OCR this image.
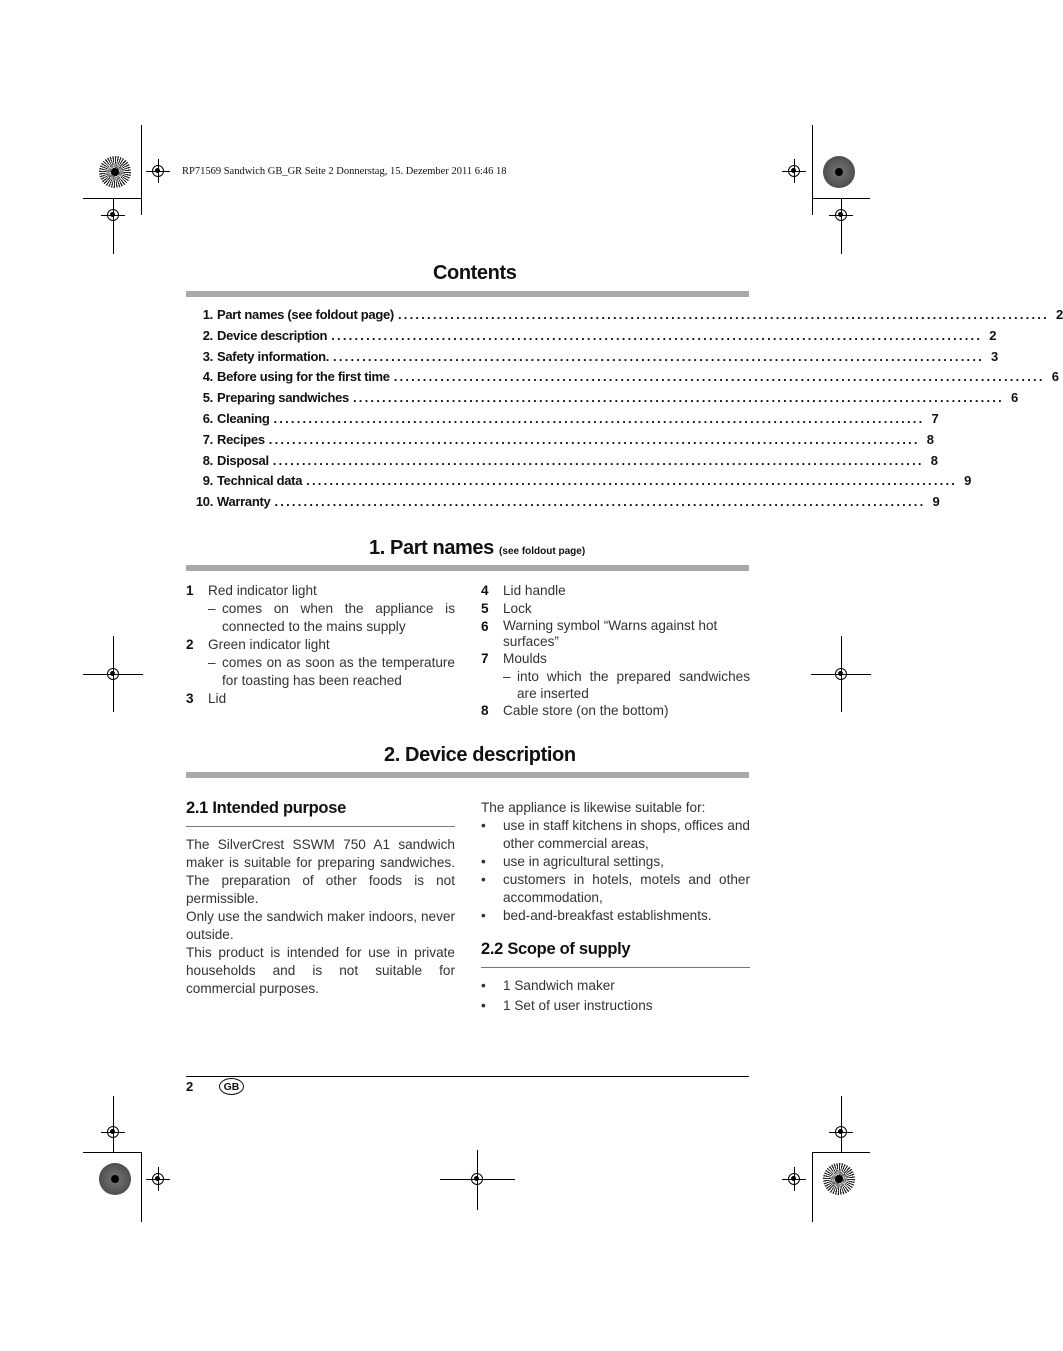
RP71569 Sandwich GB_GR Seite 2 Donnerstag, 15. Dezember 2011 6:46 18
Contents
1. Part names (see foldout page) ................................................................................................................ 2
2. Device description ................................................................................................................ 2
3. Safety information. ................................................................................................................ 3
4. Before using for the first time ................................................................................................................ 6
5. Preparing sandwiches ................................................................................................................ 6
6. Cleaning ................................................................................................................ 7
7. Recipes ................................................................................................................ 8
8. Disposal ................................................................................................................ 8
9. Technical data ................................................................................................................ 9
10. Warranty ................................................................................................................ 9
1. Part names (see foldout page)
1	Red indicator light
– comes on when the appliance is connected to the mains supply
2	Green indicator light
– comes on as soon as the temperature for toasting has been reached
3	Lid
4	Lid handle
5	Lock
6	Warning symbol “Warns against hot surfaces”
7	Moulds
– into which the prepared sandwiches are inserted
8	Cable store (on the bottom)
2. Device description
2.1 Intended purpose
The SilverCrest SSWM 750 A1 sandwich maker is suitable for preparing sandwiches. The preparation of other foods is not permissible.
Only use the sandwich maker indoors, never outside.
This product is intended for use in private households and is not suitable for commercial purposes.
The appliance is likewise suitable for:
•	use in staff kitchens in shops, offices and other commercial areas,
•	use in agricultural settings,
•	customers in hotels, motels and other accommodation,
•	bed-and-breakfast establishments.
2.2 Scope of supply
•	1 Sandwich maker
•	1 Set of user instructions
2	GB
